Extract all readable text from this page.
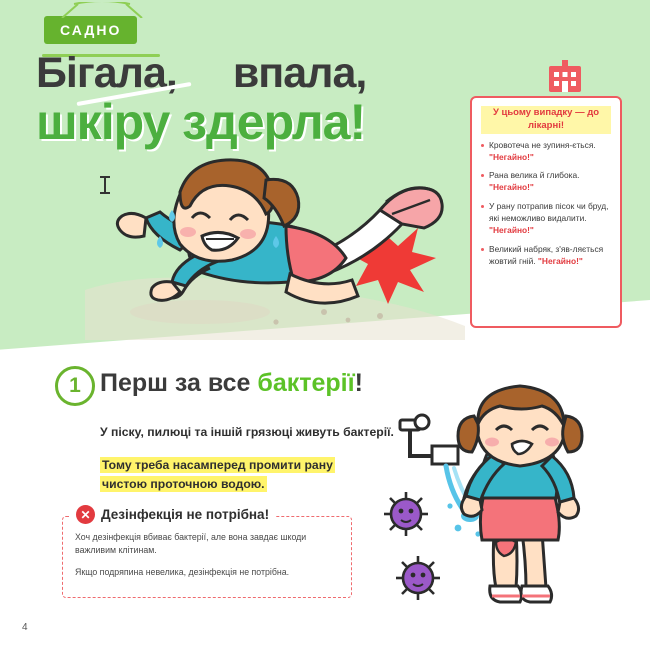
САДНО
Бігала, впала,
шкіру здерла!	У цьому випадку — до лікарні!
Кровотеча не зупиня-ється. "Негайно!"
Рана велика й глибока. "Негайно!"
У рану потрапив пісок чи бруд, які неможливо видалити. "Негайно!"
Великий набряк, з'яв-ляється жовтий гній. "Негайно!"
1 Перш за все бактерії!
У піску, пилюці та іншій грязюці живуть бактерії.
Тому треба насамперед промити рану
чистою проточною водою.

Хоч дезінфекція вбиває бактерії, але вона завдає шкоди важливим клітинам.

Якщо подряпина невелика, дезінфекція не потрібна.

✕ Дезінфекція не потрібна!
4
